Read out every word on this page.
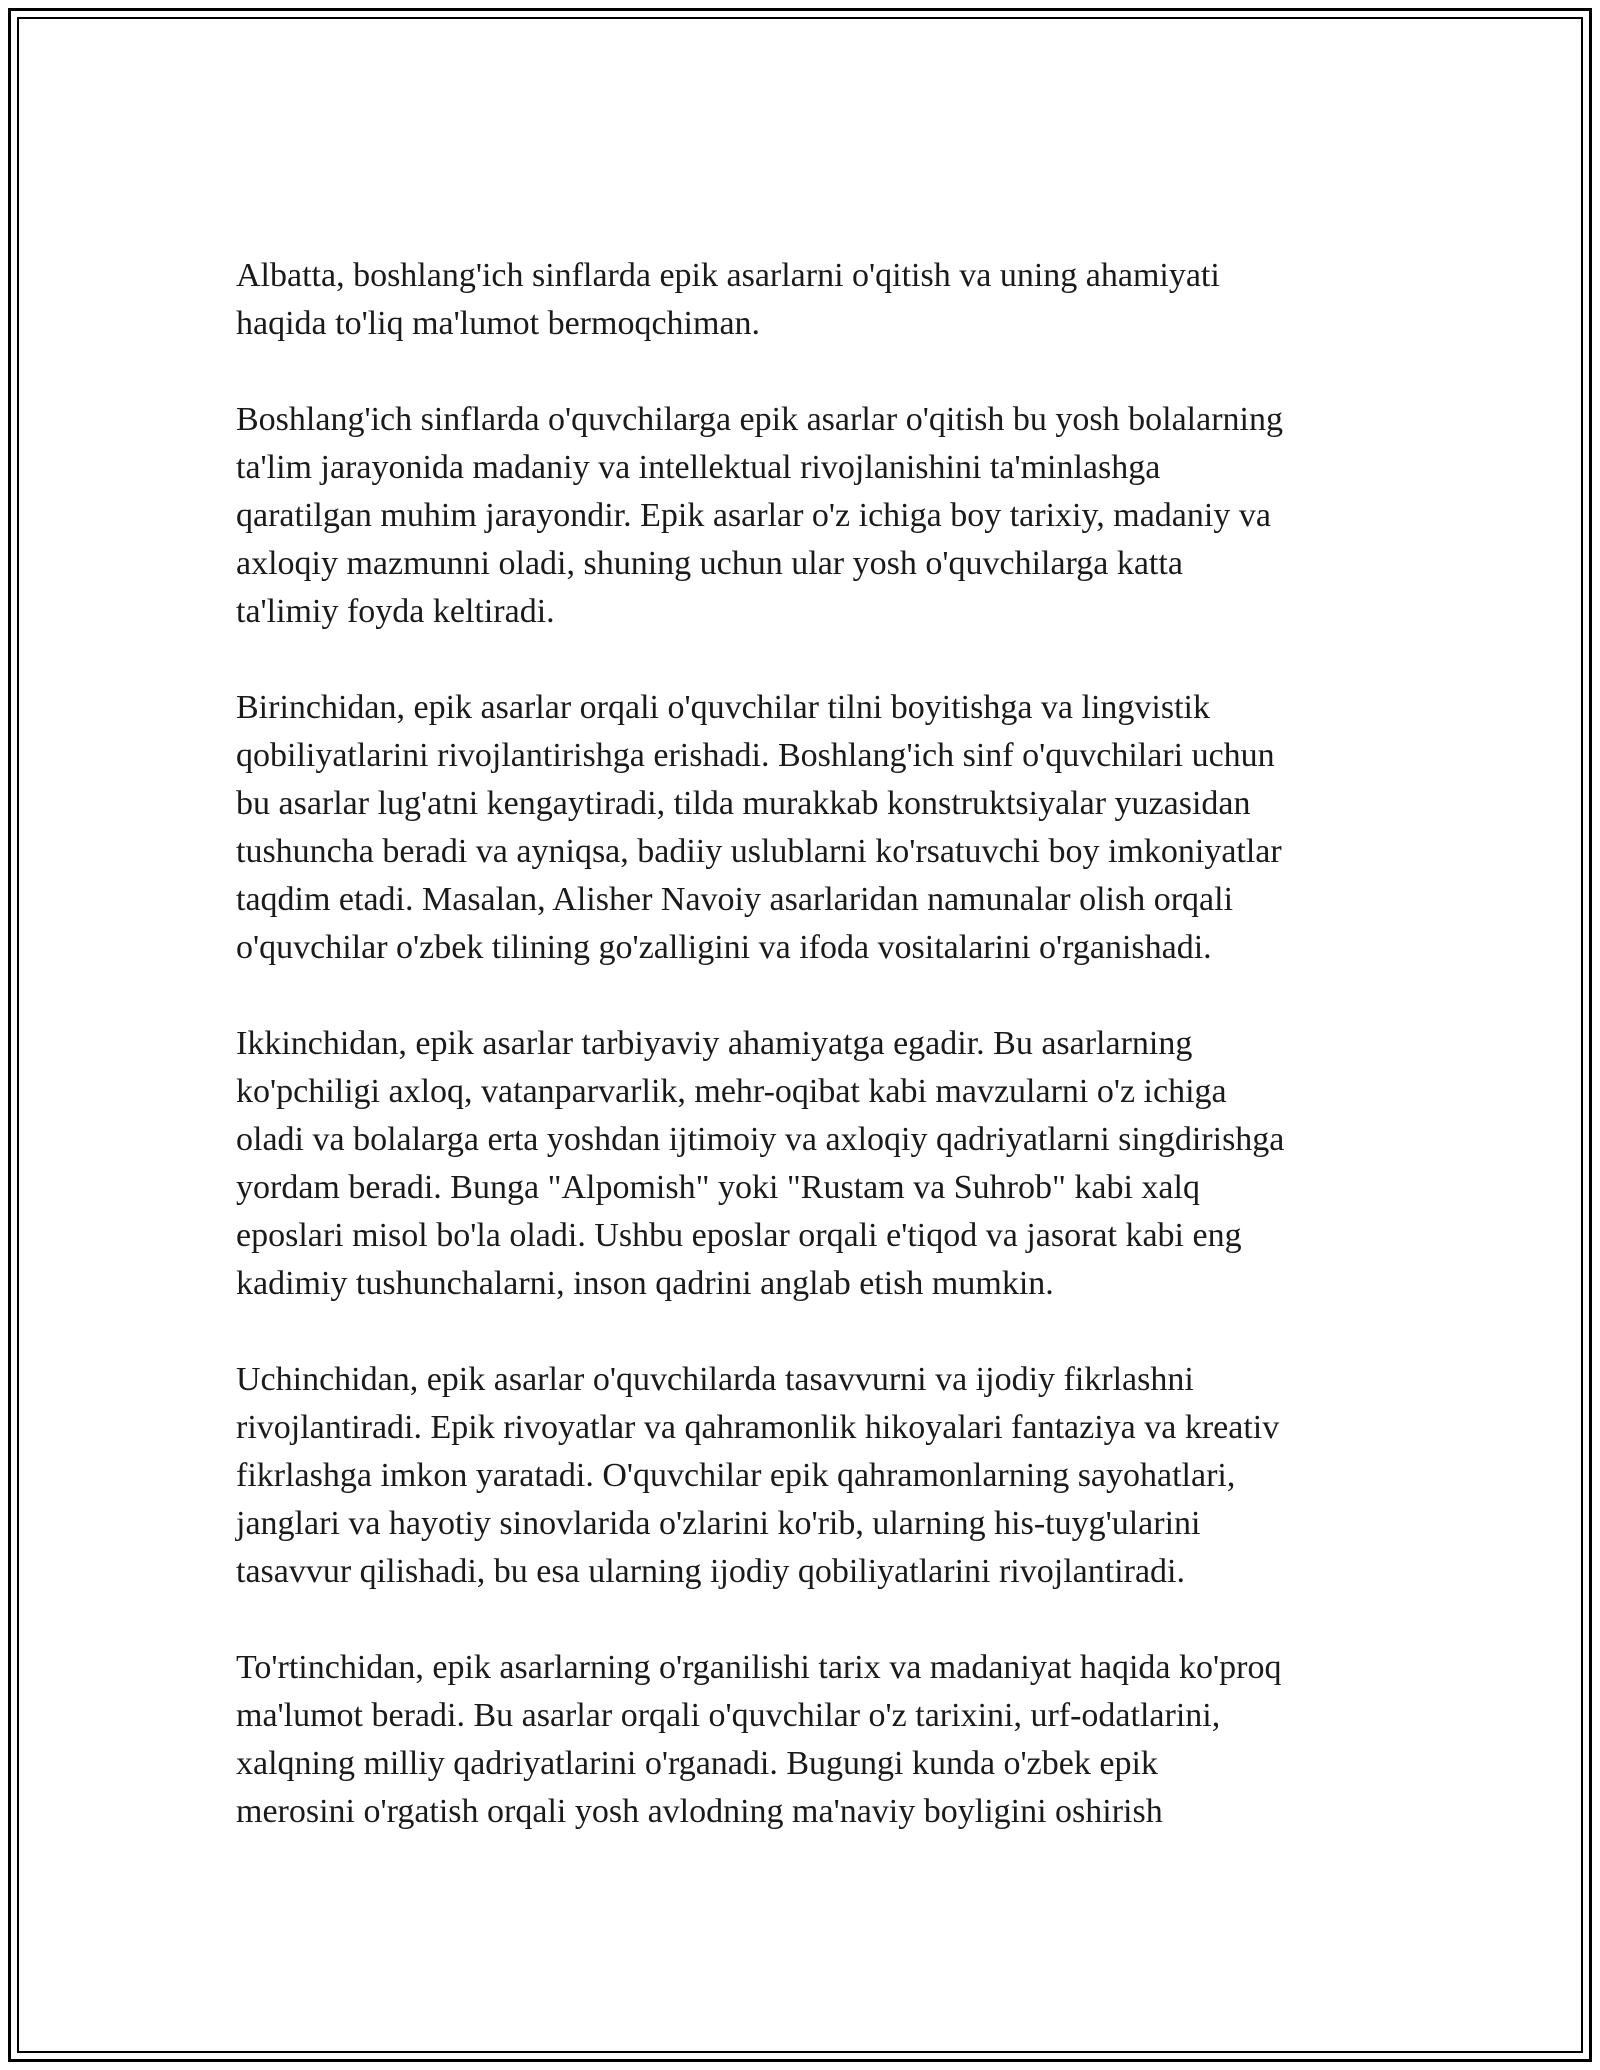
Albatta, boshlang'ich sinflarda epik asarlarni o'qitish va uning ahamiyati
haqida to'liq ma'lumot bermoqchiman.

Boshlang'ich sinflarda o'quvchilarga epik asarlar o'qitish bu yosh bolalarning
ta'lim jarayonida madaniy va intellektual rivojlanishini ta'minlashga
qaratilgan muhim jarayondir. Epik asarlar o'z ichiga boy tarixiy, madaniy va
axloqiy mazmunni oladi, shuning uchun ular yosh o'quvchilarga katta
ta'limiy foyda keltiradi.

Birinchidan, epik asarlar orqali o'quvchilar tilni boyitishga va lingvistik
qobiliyatlarini rivojlantirishga erishadi. Boshlang'ich sinf o'quvchilari uchun
bu asarlar lug'atni kengaytiradi, tilda murakkab konstruktsiyalar yuzasidan
tushuncha beradi va ayniqsa, badiiy uslublarni ko'rsatuvchi boy imkoniyatlar
taqdim etadi. Masalan, Alisher Navoiy asarlaridan namunalar olish orqali
o'quvchilar o'zbek tilining go'zalligini va ifoda vositalarini o'rganishadi.

Ikkinchidan, epik asarlar tarbiyaviy ahamiyatga egadir. Bu asarlarning
ko'pchiligi axloq, vatanparvarlik, mehr-oqibat kabi mavzularni o'z ichiga
oladi va bolalarga erta yoshdan ijtimoiy va axloqiy qadriyatlarni singdirishga
yordam beradi. Bunga "Alpomish" yoki "Rustam va Suhrob" kabi xalq
eposlari misol bo'la oladi. Ushbu eposlar orqali e'tiqod va jasorat kabi eng
kadimiy tushunchalarni, inson qadrini anglab etish mumkin.

Uchinchidan, epik asarlar o'quvchilarda tasavvurni va ijodiy fikrlashni
rivojlantiradi. Epik rivoyatlar va qahramonlik hikoyalari fantaziya va kreativ
fikrlashga imkon yaratadi. O'quvchilar epik qahramonlarning sayohatlari,
janglari va hayotiy sinovlarida o'zlarini ko'rib, ularning his-tuyg'ularini
tasavvur qilishadi, bu esa ularning ijodiy qobiliyatlarini rivojlantiradi.

To'rtinchidan, epik asarlarning o'rganilishi tarix va madaniyat haqida ko'proq
ma'lumot beradi. Bu asarlar orqali o'quvchilar o'z tarixini, urf-odatlarini,
xalqning milliy qadriyatlarini o'rganadi. Bugungi kunda o'zbek epik
merosini o'rgatish orqali yosh avlodning ma'naviy boyligini oshirish
